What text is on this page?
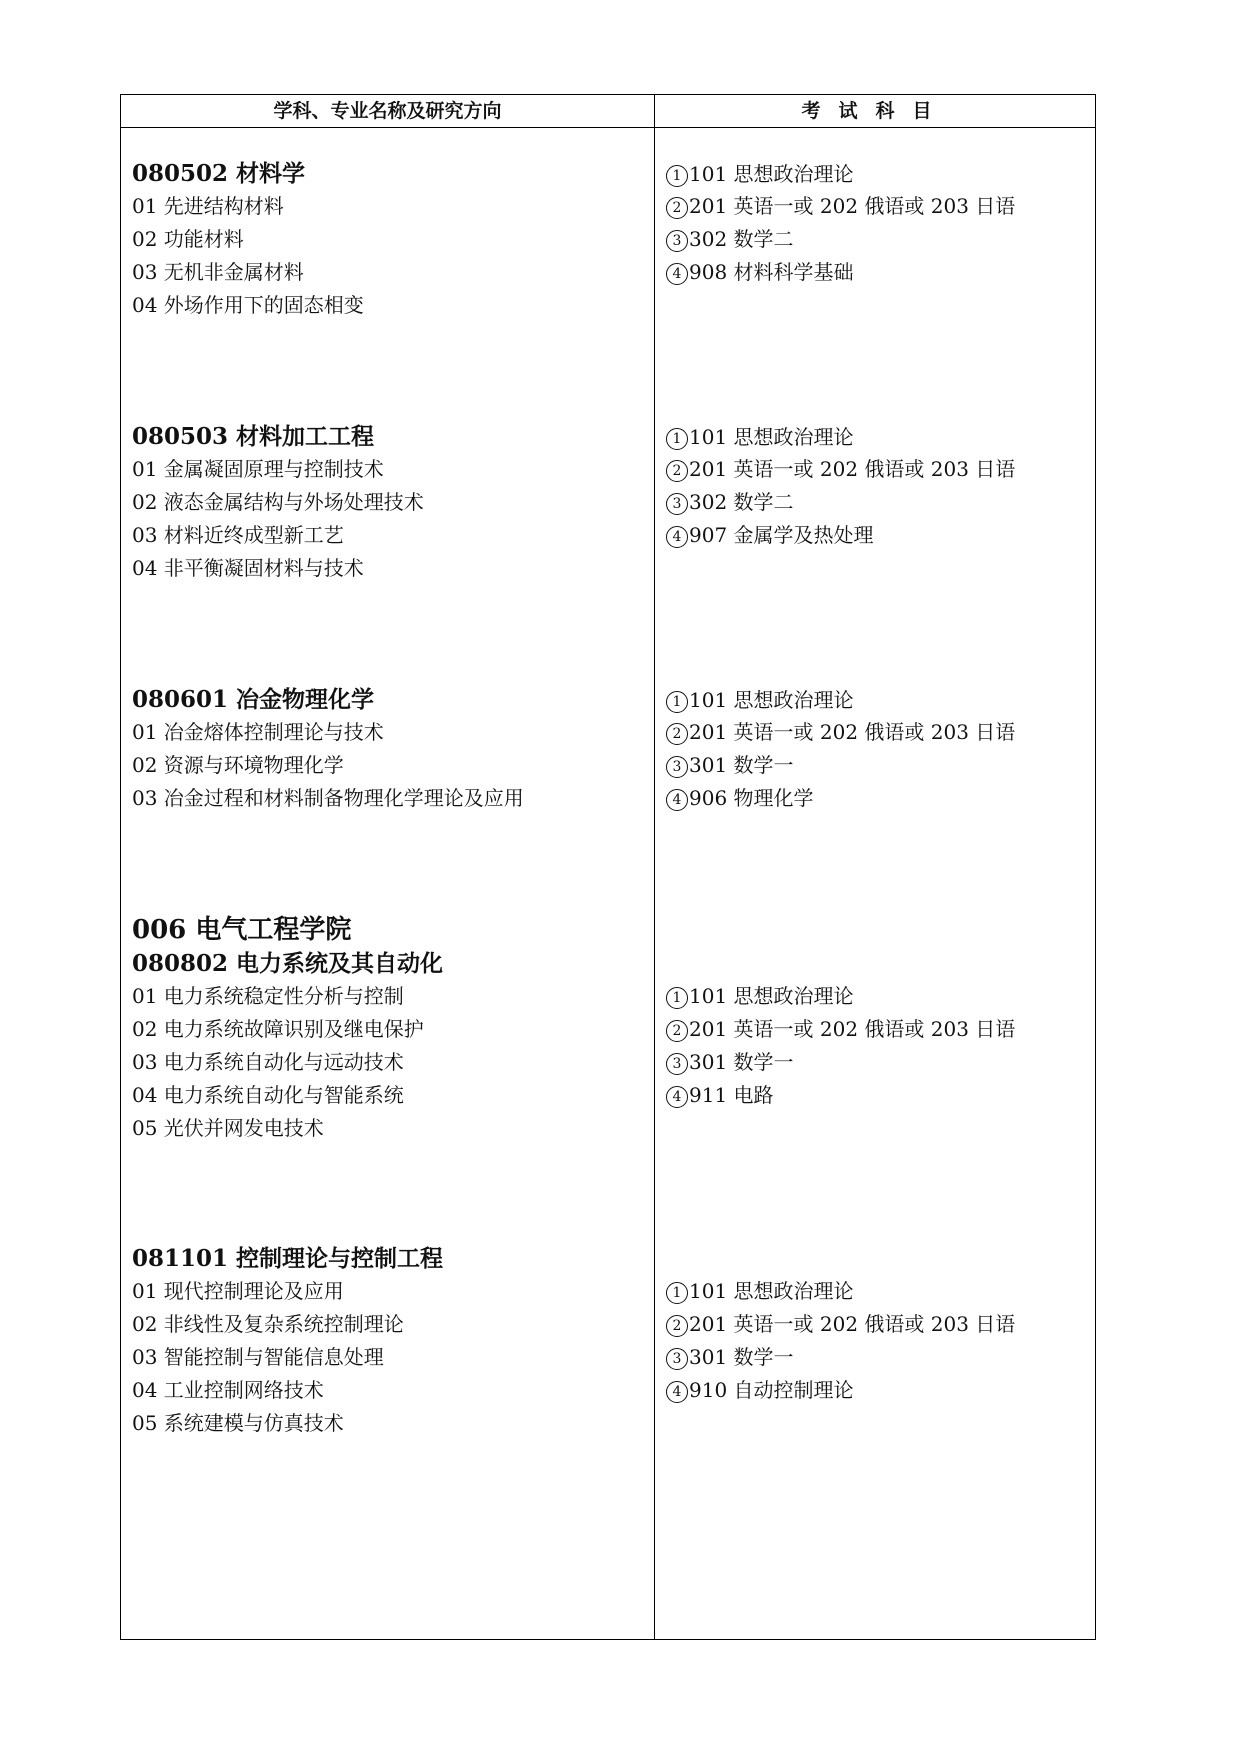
学科、专业名称及研究方向	考试科目
080502 材料学
01 先进结构材料
02 功能材料
03 无机非金属材料
04 外场作用下的固态相变
1 101 思想政治理论
2 201 英语一或 202 俄语或 203 日语
3 302 数学二
4 908 材料科学基础
080503 材料加工工程
01 金属凝固原理与控制技术
02 液态金属结构与外场处理技术
03 材料近终成型新工艺
04 非平衡凝固材料与技术
1 101 思想政治理论
2 201 英语一或 202 俄语或 203 日语
3 302 数学二
4 907 金属学及热处理
080601 冶金物理化学
01 冶金熔体控制理论与技术
02 资源与环境物理化学
03 冶金过程和材料制备物理化学理论及应用
1 101 思想政治理论
2 201 英语一或 202 俄语或 203 日语
3 301 数学一
4 906 物理化学
006 电气工程学院
080802 电力系统及其自动化
01 电力系统稳定性分析与控制
02 电力系统故障识别及继电保护
03 电力系统自动化与远动技术
04 电力系统自动化与智能系统
05 光伏并网发电技术
1 101 思想政治理论
2 201 英语一或 202 俄语或 203 日语
3 301 数学一
4 911 电路
081101 控制理论与控制工程
01 现代控制理论及应用
02 非线性及复杂系统控制理论
03 智能控制与智能信息处理
04 工业控制网络技术
05 系统建模与仿真技术
1 101 思想政治理论
2 201 英语一或 202 俄语或 203 日语
3 301 数学一
4 910 自动控制理论
